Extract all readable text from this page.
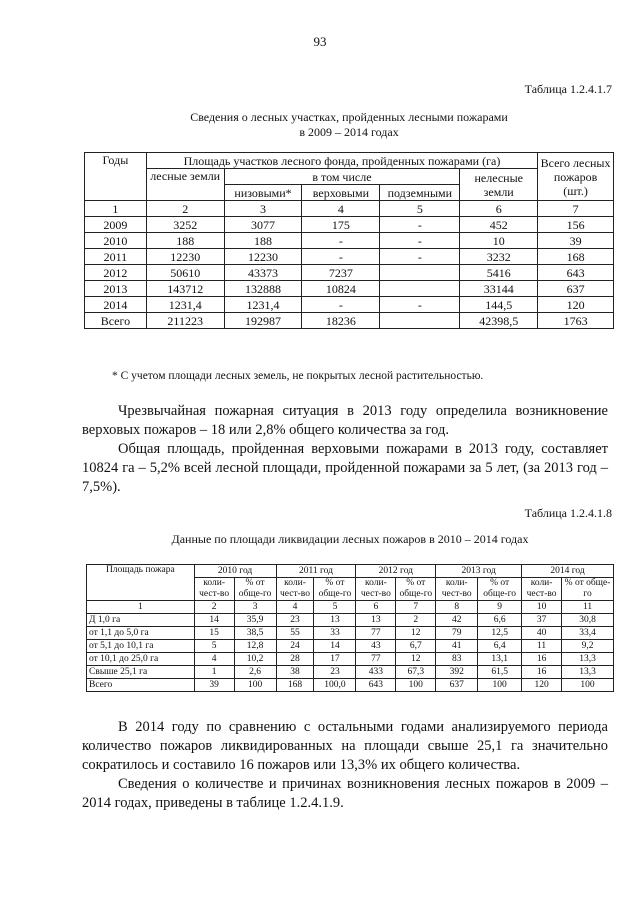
93
Таблица 1.2.4.1.7
Сведения о лесных участках, пройденных лесными пожарами
в 2009 – 2014 годах
Годы	Площадь участков лесного фонда, пройденных пожарами (га)					Всего лесных пожаров (шт.)
	лесные земли	в том числе			нелесные земли	
		низовыми*	верховыми	подземными		
1	2	3	4	5	6	7
2009	3252	3077	175	-	452	156
2010	188	188	-	-	10	39
2011	12230	12230	-	-	3232	168
2012	50610	43373	7237		5416	643
2013	143712	132888	10824		33144	637
2014	1231,4	1231,4	-	-	144,5	120
Всего	211223	192987	18236		42398,5	1763
* С учетом площади лесных земель, не покрытых лесной растительностью.

Чрезвычайная пожарная ситуация в 2013 году определила возникновение верховых пожаров – 18 или 2,8% общего количества за год.

Общая площадь, пройденная верховыми пожарами в 2013 году, составляет 10824 га – 5,2% всей лесной площади, пройденной пожарами за 5 лет, (за 2013 год – 7,5%).

Таблица 1.2.4.1.8
Данные по площади ликвидации лесных пожаров в 2010 – 2014 годах
Площадь пожара	2010 год		2011 год		2012 год		2013 год		2014 год	
	коли-чест-во	% от обще-го	коли-чест-во	% от обще-го	коли-чест-во	% от обще-го	коли-чест-во	% от обще-го	коли-чест-во	% от обще-го
1	2	3	4	5	6	7	8	9	10	11
Д 1,0 га	14	35,9	23	13	13	2	42	6,6	37	30,8
от 1,1 до 5,0 га	15	38,5	55	33	77	12	79	12,5	40	33,4
от 5,1 до 10,1 га	5	12,8	24	14	43	6,7	41	6,4	11	9,2
от 10,1 до 25,0 га	4	10,2	28	17	77	12	83	13,1	16	13,3
Свыше 25,1 га	1	2,6	38	23	433	67,3	392	61,5	16	13,3
Всего	39	100	168	100,0	643	100	637	100	120	100

В 2014 году по сравнению с остальными годами анализируемого периода количество пожаров ликвидированных на площади свыше 25,1 га значительно сократилось и составило 16 пожаров или 13,3% их общего количества.

Сведения о количестве и причинах возникновения лесных пожаров в 2009 – 2014 годах, приведены в таблице 1.2.4.1.9.
